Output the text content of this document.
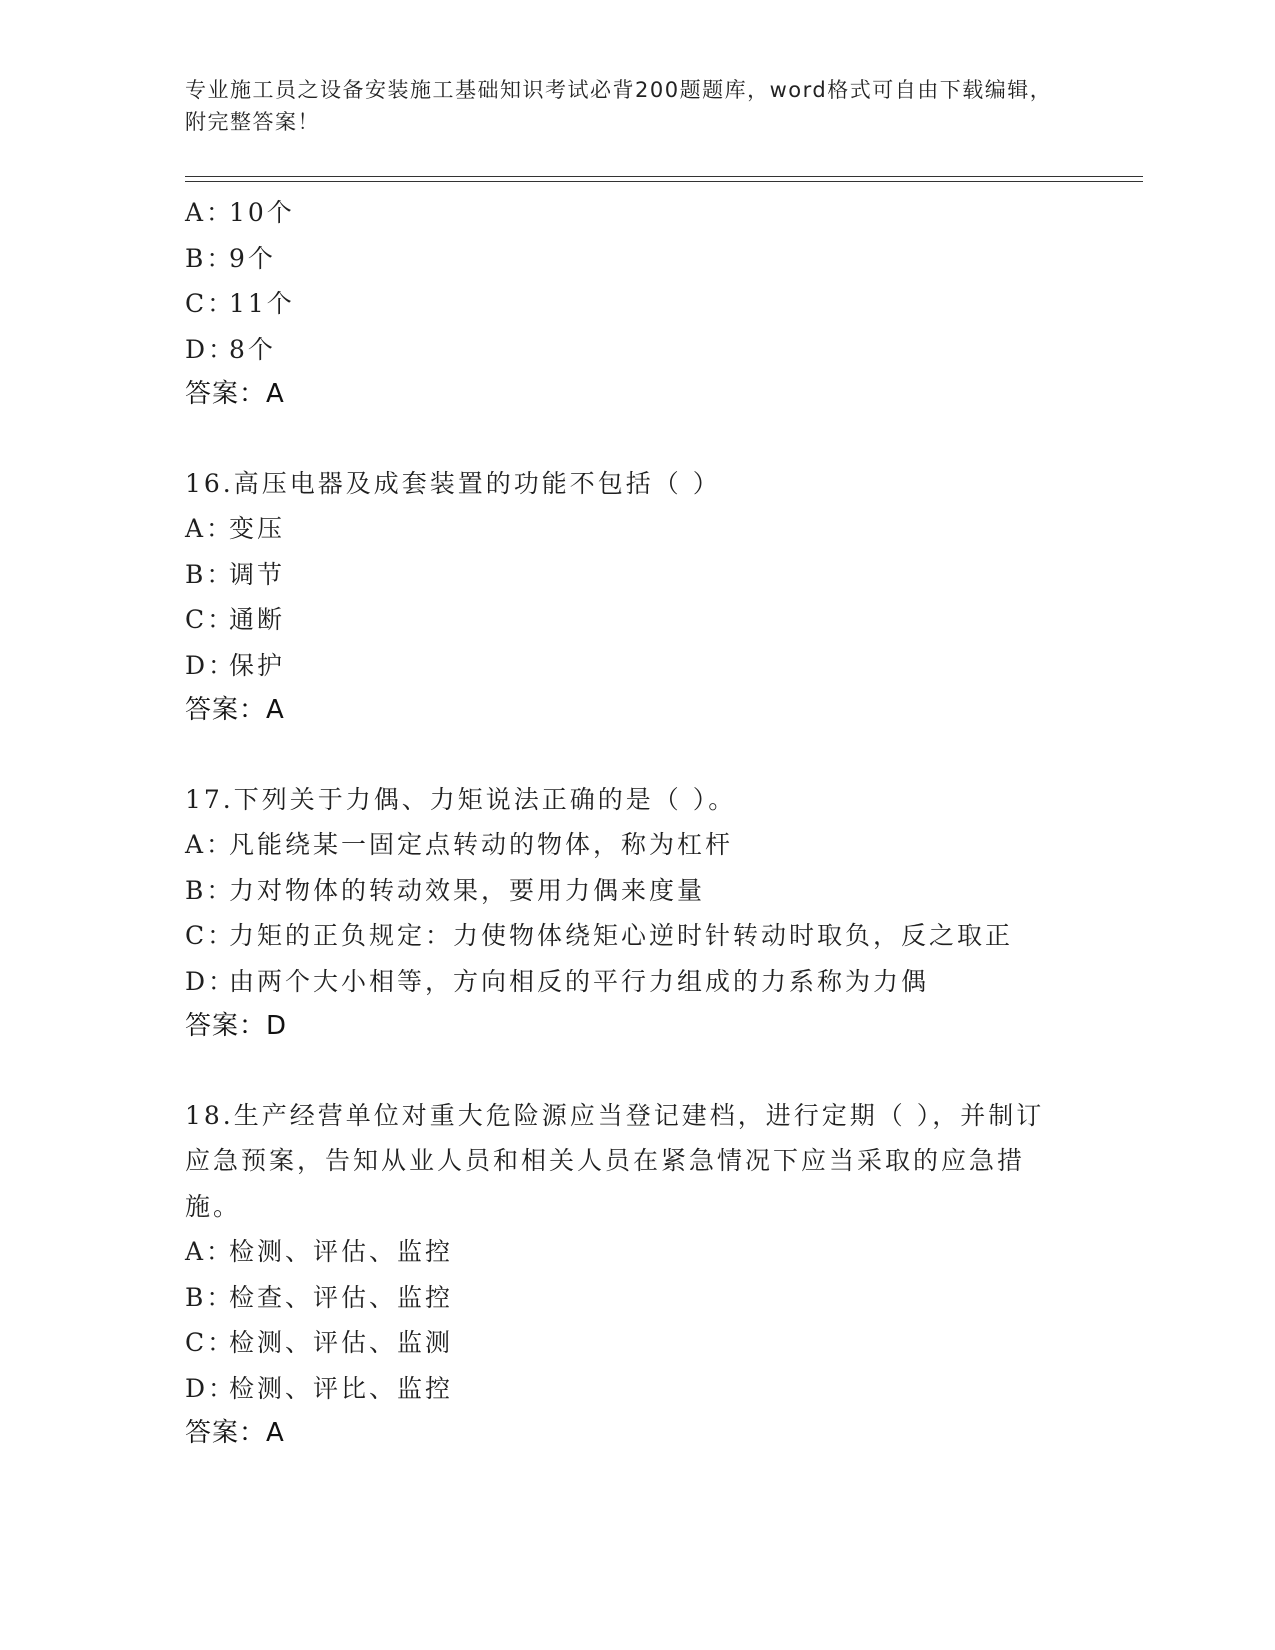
专业施工员之设备安装施工基础知识考试必背200题题库，word格式可自由下载编辑，附完整答案！
A：10个
B：9个
C：11个
D：8个
答案：A
16.高压电器及成套装置的功能不包括（ ）
A：变压
B：调节
C：通断
D：保护
答案：A
17.下列关于力偶、力矩说法正确的是（ ）。
A：凡能绕某一固定点转动的物体，称为杠杆
B：力对物体的转动效果，要用力偶来度量
C：力矩的正负规定：力使物体绕矩心逆时针转动时取负，反之取正
D：由两个大小相等，方向相反的平行力组成的力系称为力偶
答案：D
18.生产经营单位对重大危险源应当登记建档，进行定期（ ），并制订应急预案，告知从业人员和相关人员在紧急情况下应当采取的应急措施。
A：检测、评估、监控
B：检查、评估、监控
C：检测、评估、监测
D：检测、评比、监控
答案：A
